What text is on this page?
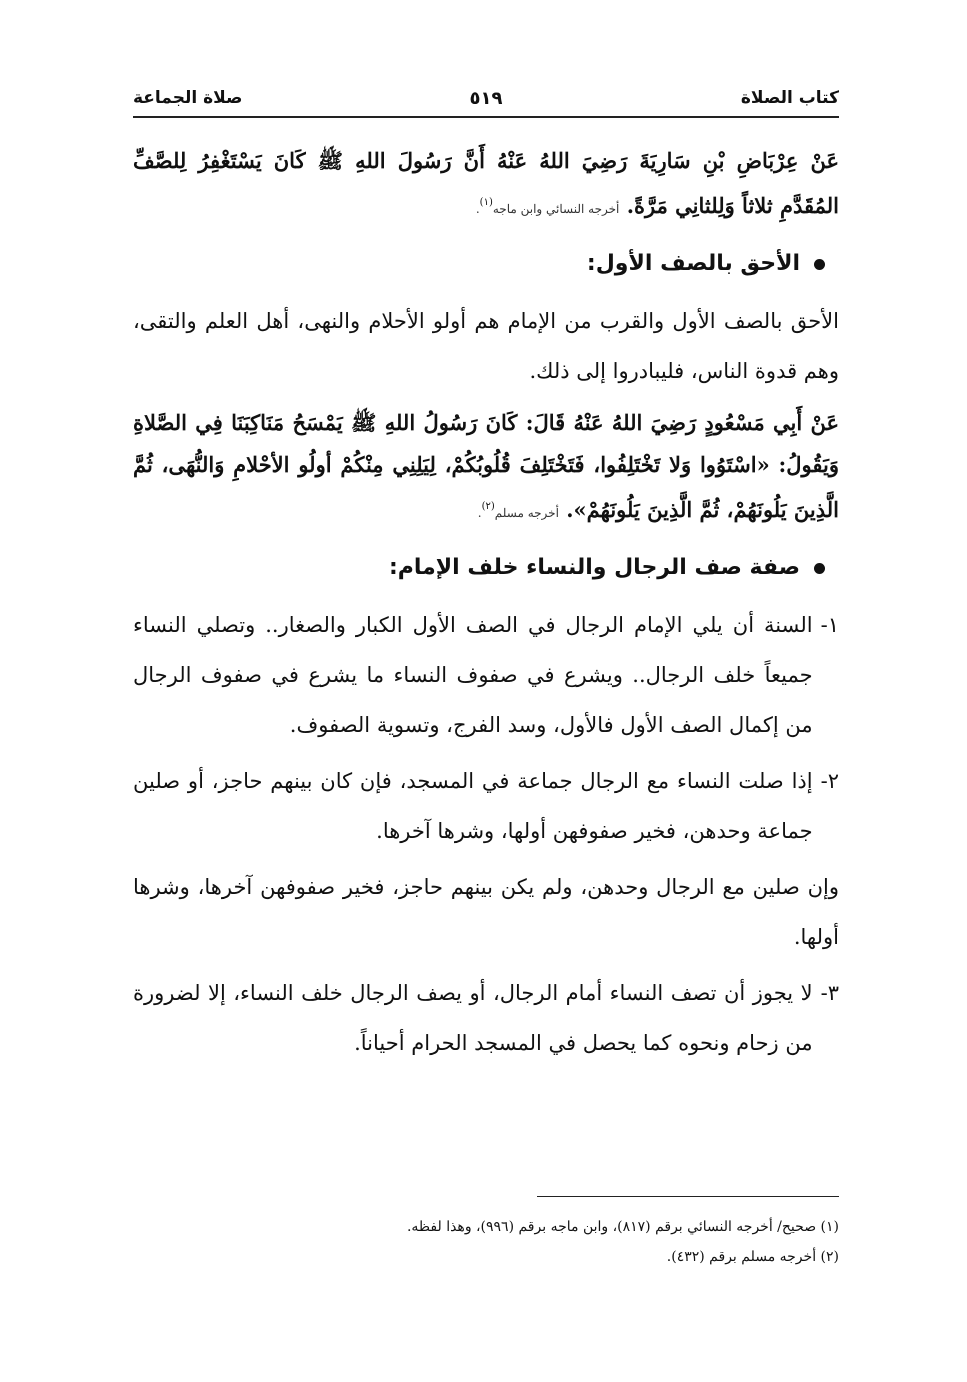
كتاب الصلاة
٥١٩
صلاة الجماعة

عَنْ عِرْبَاضِ بْنِ سَارِيَةَ رَضِيَ اللهُ عَنْهُ أَنَّ رَسُولَ اللهِ ﷺ كَانَ يَسْتَغْفِرُ لِلصَّفِّ المُقَدَّمِ ثلاثاً وَلِلثانِي مَرَّةً. أخرجه النسائي وابن ماجه$^{(١)}$.

الأحق بالصف الأول:

الأحق بالصف الأول والقرب من الإمام هم أولو الأحلام والنهى، أهل العلم والتقى، وهم قدوة الناس، فليبادروا إلى ذلك.

عَنْ أَبِي مَسْعُودٍ رَضِيَ اللهُ عَنْهُ قَالَ: كَانَ رَسُولُ اللهِ ﷺ يَمْسَحُ مَنَاكِبَنَا فِي الصَّلاةِ وَيَقُولُ: «اسْتَوُوا وَلا تَخْتَلِفُوا، فَتَخْتَلِفَ قُلُوبُكُمْ، لِيَلِنِي مِنْكُمْ أولُو الأحْلامِ وَالنُّهَى، ثُمَّ الَّذِينَ يَلُونَهُمْ، ثُمَّ الَّذِينَ يَلُونَهُمْ». أخرجه مسلم$^{(٢)}$.

صفة صف الرجال والنساء خلف الإمام:
١-

السنة أن يلي الإمام الرجال في الصف الأول الكبار والصغار.. وتصلي النساء جميعاً خلف الرجال.. ويشرع في صفوف النساء ما يشرع في صفوف الرجال من إكمال الصف الأول فالأول، وسد الفرج، وتسوية الصفوف.

٢-

إذا صلت النساء مع الرجال جماعة في المسجد، فإن كان بينهم حاجز، أو صلين جماعة وحدهن، فخير صفوفهن أولها، وشرها آخرها.

وإن صلين مع الرجال وحدهن، ولم يكن بينهم حاجز، فخير صفوفهن آخرها، وشرها أولها.

٣-

لا يجوز أن تصف النساء أمام الرجال، أو يصف الرجال خلف النساء، إلا لضرورة من زحام ونحوه كما يحصل في المسجد الحرام أحياناً.

(١) صحيح/ أخرجه النسائي برقم (٨١٧)، وابن ماجه برقم (٩٩٦)، وهذا لفظه.

(٢) أخرجه مسلم برقم (٤٣٢).
